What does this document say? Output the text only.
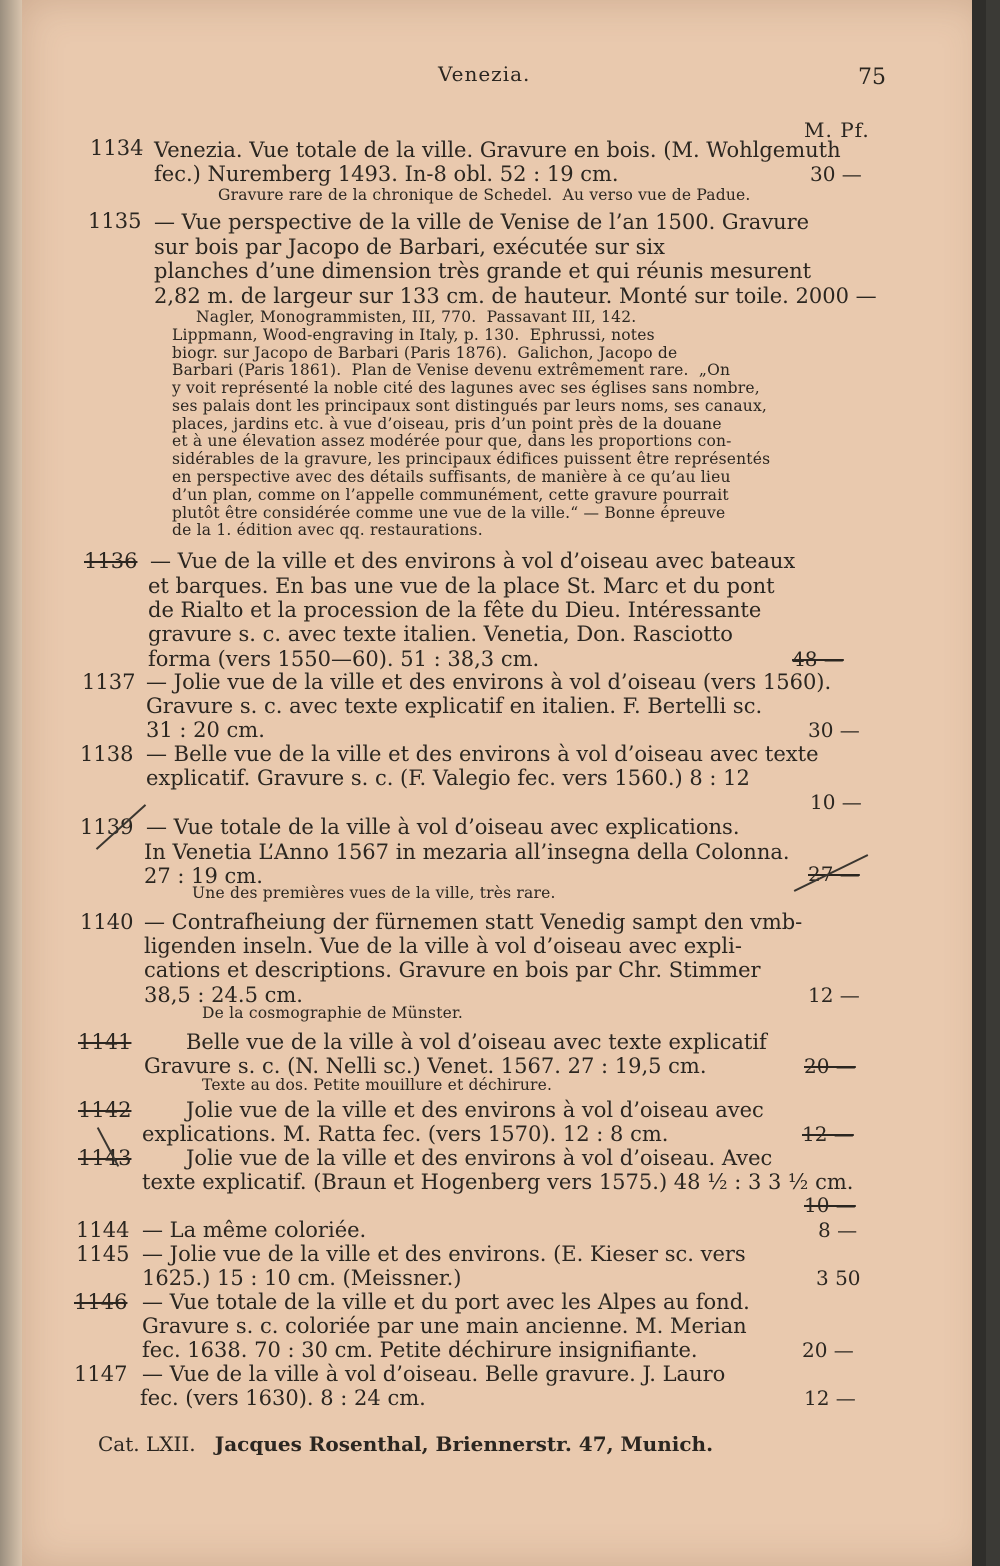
Venezia.	75
M. Pf.
1134 Venezia. Vue totale de la ville. Gravure en bois. (M. Wohlgemuth
fec.) Nuremberg 1493. In-8 obl. 52 : 19 cm.	30 —
Gravure rare de la chronique de Schedel.  Au verso vue de Padue.
1135 — Vue perspective de la ville de Venise de l’an 1500. Gravure
sur bois par Jacopo de Barbari, exécutée sur six
planches d’une dimension très grande et qui réunis mesurent
2,82 m. de largeur sur 133 cm. de hauteur. Monté sur toile. 2000 —
Nagler, Monogrammisten, III, 770.  Passavant III, 142.
Lippmann, Wood-engraving in Italy, p. 130.  Ephrussi, notes
biogr. sur Jacopo de Barbari (Paris 1876).  Galichon, Jacopo de
Barbari (Paris 1861).  Plan de Venise devenu extrêmement rare.  „On
y voit représenté la noble cité des lagunes avec ses églises sans nombre,
ses palais dont les principaux sont distingués par leurs noms, ses canaux,
places, jardins etc. à vue d’oiseau, pris d’un point près de la douane
et à une élevation assez modérée pour que, dans les proportions con-
sidérables de la gravure, les principaux édifices puissent être représentés
en perspective avec des détails suffisants, de manière à ce qu’au lieu
d’un plan, comme on l’appelle communément, cette gravure pourrait
plutôt être considérée comme une vue de la ville.“ — Bonne épreuve
de la 1. édition avec qq. restaurations.
1136 — Vue de la ville et des environs à vol d’oiseau avec bateaux
et barques. En bas une vue de la place St. Marc et du pont
de Rialto et la procession de la fête du Dieu. Intéressante
gravure s. c. avec texte italien. Venetia, Don. Rasciotto
forma (vers 1550—60). 51 : 38,3 cm.	48 —
1137 — Jolie vue de la ville et des environs à vol d’oiseau (vers 1560).
Gravure s. c. avec texte explicatif en italien. F. Bertelli sc.
31 : 20 cm.	30 —
1138 — Belle vue de la ville et des environs à vol d’oiseau avec texte
explicatif. Gravure s. c. (F. Valegio fec. vers 1560.) 8 : 12
10 —
1139 — Vue totale de la ville à vol d’oiseau avec explications.
In Venetia L’Anno 1567 in mezaria all’insegna della Colonna.
27 : 19 cm.	27 —
Une des premières vues de la ville, très rare.
1140 — Contrafheiung der fürnemen statt Venedig sampt den vmb-
ligenden inseln. Vue de la ville à vol d’oiseau avec expli-
cations et descriptions. Gravure en bois par Chr. Stimmer
38,5 : 24.5 cm.	12 —
De la cosmographie de Münster.
1141	Belle vue de la ville à vol d’oiseau avec texte explicatif
Gravure s. c. (N. Nelli sc.) Venet. 1567. 27 : 19,5 cm.	20 —
Texte au dos. Petite mouillure et déchirure.
1142	Jolie vue de la ville et des environs à vol d’oiseau avec
explications. M. Ratta fec. (vers 1570). 12 : 8 cm.	12 —
1143	Jolie vue de la ville et des environs à vol d’oiseau. Avec
texte explicatif. (Braun et Hogenberg vers 1575.) 48 ½ : 3 3 ½ cm.
10 —
1144 — La même coloriée.	8 —
1145 — Jolie vue de la ville et des environs. (E. Kieser sc. vers
1625.) 15 : 10 cm. (Meissner.)	3 50
1146 — Vue totale de la ville et du port avec les Alpes au fond.
Gravure s. c. coloriée par une main ancienne. M. Merian
fec. 1638. 70 : 30 cm. Petite déchirure insignifiante.	20 —
1147 — Vue de la ville à vol d’oiseau. Belle gravure. J. Lauro
fec. (vers 1630). 8 : 24 cm.	12 —
Cat. LXII. Jacques Rosenthal, Briennerstr. 47, Munich.
